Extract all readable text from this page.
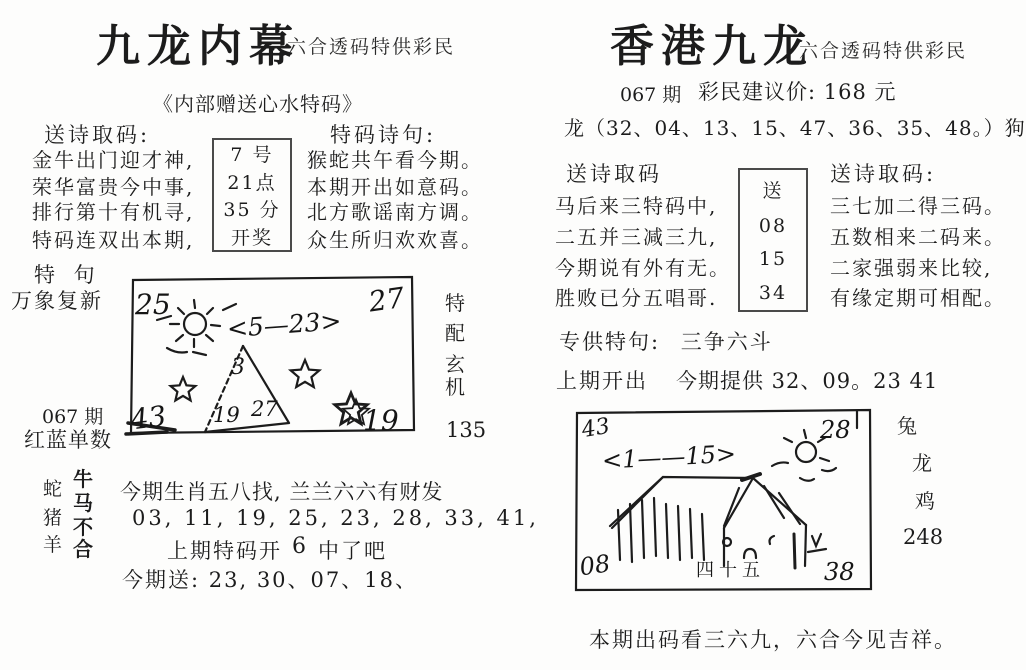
九龙内幕
六合透码特供彩民
《内部赠送心水特码》
送诗取码:
金牛出门迎才神,
荣华富贵今中事,
排行第十有机寻,
特码连双出本期,
7 号
21点
35 分
开奖
特码诗句:
猴蛇共午看今期。
本期开出如意码。
北方歌谣南方调。
众生所归欢欢喜。
特 句
万象复新
067 期
红蓝单数
25	27
43	19
<5—23>
3
19 27
特
配
玄
机
135
蛇
猪
羊
牛
马
不
合
今期生肖五八找, 兰兰六六有财发
03, 11, 19, 25, 23, 28, 33, 41,
上期特码开 6 中了吧
今期送: 23, 30、07、18、
香港九龙
六合透码特供彩民
067 期 彩民建议价: 168 元
龙（32、04、13、15、47、36、35、48。）狗
送诗取码
马后来三特码中,
二五并三减三九,
今期说有外有无。
胜败已分五唱哥.
送
08
15
34
送诗取码:
三七加二得三码。
五数相来二码来。
二家强弱来比较,
有缘定期可相配。
专供特句: 三争六斗
上期开出 今期提供 32、09。23 41
43	28
08	38
<1——15>
四十五
兔
龙
鸡
248
本期出码看三六九，六合今见吉祥。
